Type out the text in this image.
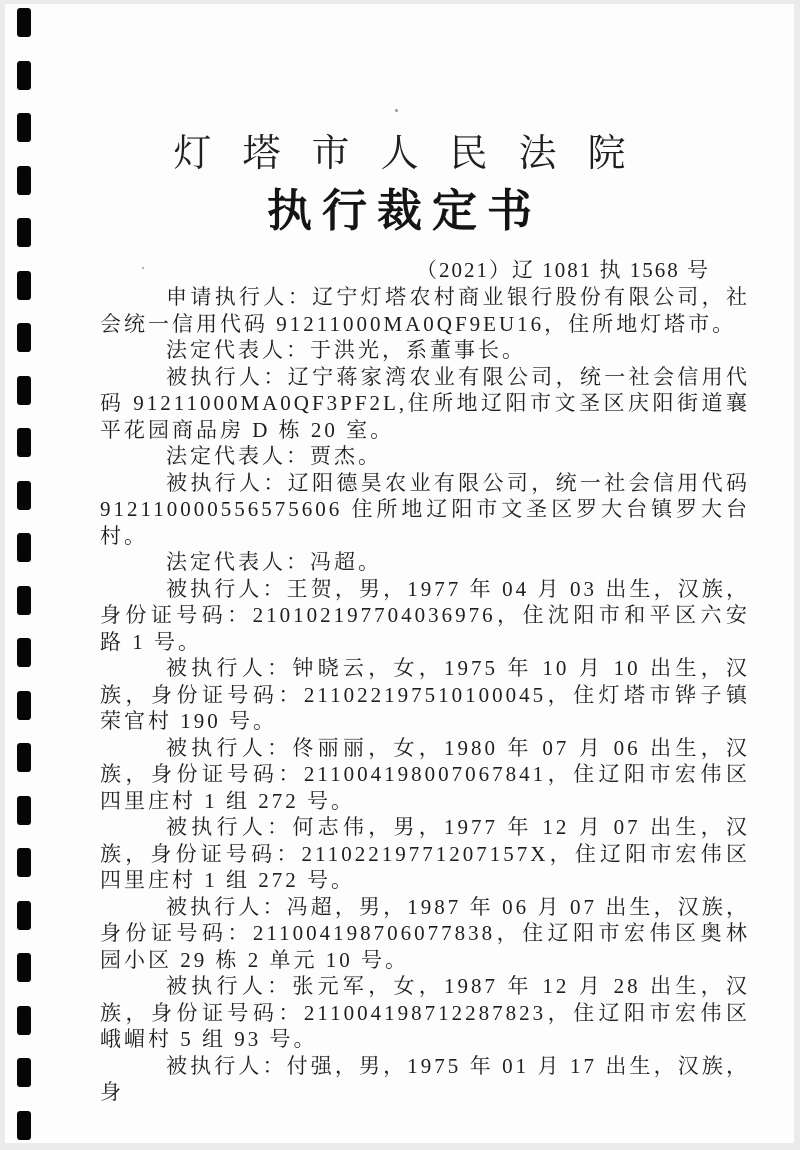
灯塔市人民法院
执行裁定书
（2021）辽 1081 执 1568 号

申请执行人：辽宁灯塔农村商业银行股份有限公司，社会统一信用代码 91211000MA0QF9EU16，住所地灯塔市。

法定代表人：于洪光，系董事长。

被执行人：辽宁蒋家湾农业有限公司，统一社会信用代码 91211000MA0QF3PF2L,住所地辽阳市文圣区庆阳街道襄平花园商品房 D 栋 20 室。

法定代表人：贾杰。

被执行人：辽阳德昊农业有限公司，统一社会信用代码 912110000556575606 住所地辽阳市文圣区罗大台镇罗大台村。

法定代表人：冯超。

被执行人：王贺，男，1977 年 04 月 03 出生，汉族，身份证号码：210102197704036976，住沈阳市和平区六安路 1 号。

被执行人：钟晓云，女，1975 年 10 月 10 出生，汉族，身份证号码：211022197510100045，住灯塔市铧子镇荣官村 190 号。

被执行人：佟丽丽，女，1980 年 07 月 06 出生，汉族，身份证号码：211004198007067841，住辽阳市宏伟区四里庄村 1 组 272 号。

被执行人：何志伟，男，1977 年 12 月 07 出生，汉族，身份证号码：21102219771207157X，住辽阳市宏伟区四里庄村 1 组 272 号。

被执行人：冯超，男，1987 年 06 月 07 出生，汉族，身份证号码：211004198706077838，住辽阳市宏伟区奥林园小区 29 栋 2 单元 10 号。

被执行人：张元军，女，1987 年 12 月 28 出生，汉族，身份证号码：211004198712287823，住辽阳市宏伟区峨嵋村 5 组 93 号。

被执行人：付强，男，1975 年 01 月 17 出生，汉族，身
